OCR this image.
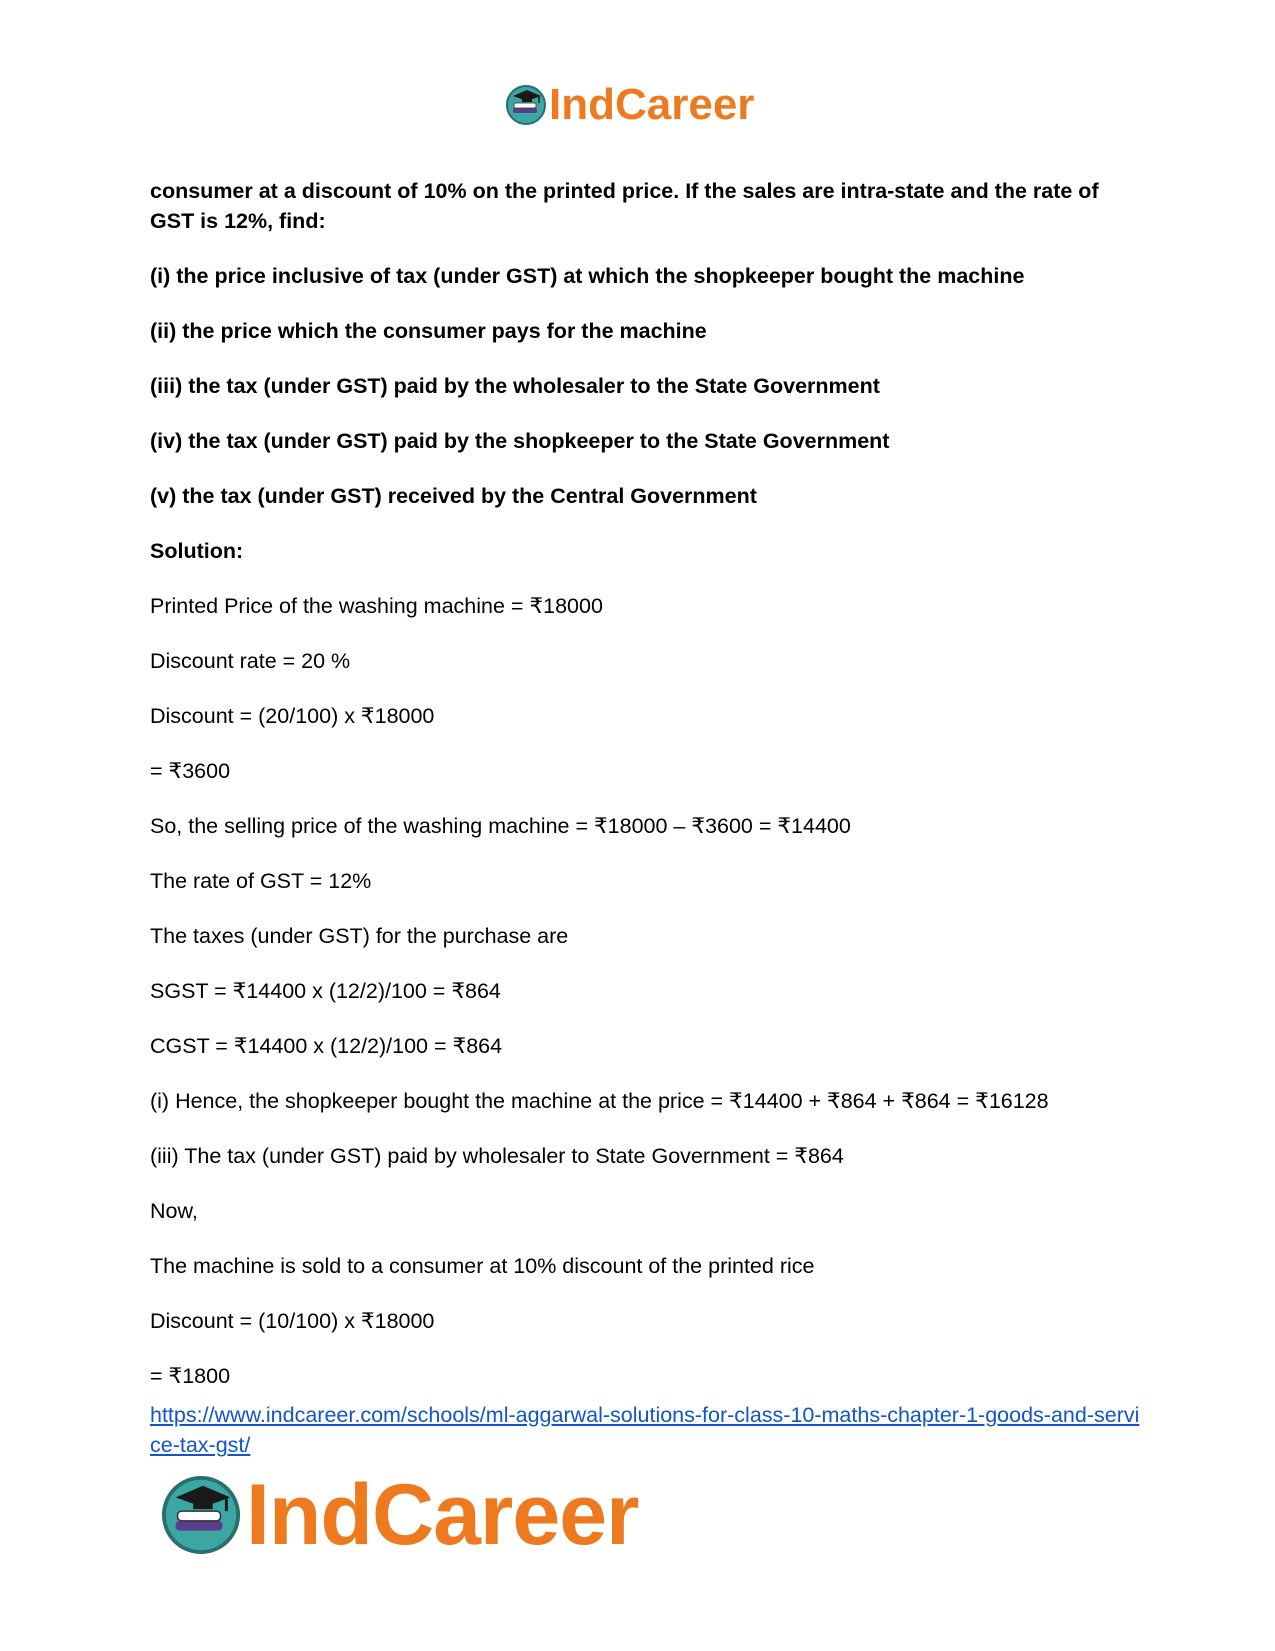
IndCareer

consumer at a discount of 10% on the printed price. If the sales are intra-state and the rate of GST is 12%, find:

(i) the price inclusive of tax (under GST) at which the shopkeeper bought the machine

(ii) the price which the consumer pays for the machine

(iii) the tax (under GST) paid by the wholesaler to the State Government

(iv) the tax (under GST) paid by the shopkeeper to the State Government

(v) the tax (under GST) received by the Central Government

Solution:

Printed Price of the washing machine = ₹18000

Discount rate = 20 %

Discount = (20/100) x ₹18000

= ₹3600

So, the selling price of the washing machine = ₹18000 – ₹3600 = ₹14400

The rate of GST = 12%

The taxes (under GST) for the purchase are

SGST = ₹14400 x (12/2)/100 = ₹864

CGST = ₹14400 x (12/2)/100 = ₹864

(i) Hence, the shopkeeper bought the machine at the price = ₹14400 + ₹864 + ₹864 = ₹16128

(iii) The tax (under GST) paid by wholesaler to State Government = ₹864

Now,

The machine is sold to a consumer at 10% discount of the printed rice

Discount = (10/100) x ₹18000

= ₹1800

https://www.indcareer.com/schools/ml-aggarwal-solutions-for-class-10-maths-chapter-1-goods-and-service-tax-gst/
IndCareer
